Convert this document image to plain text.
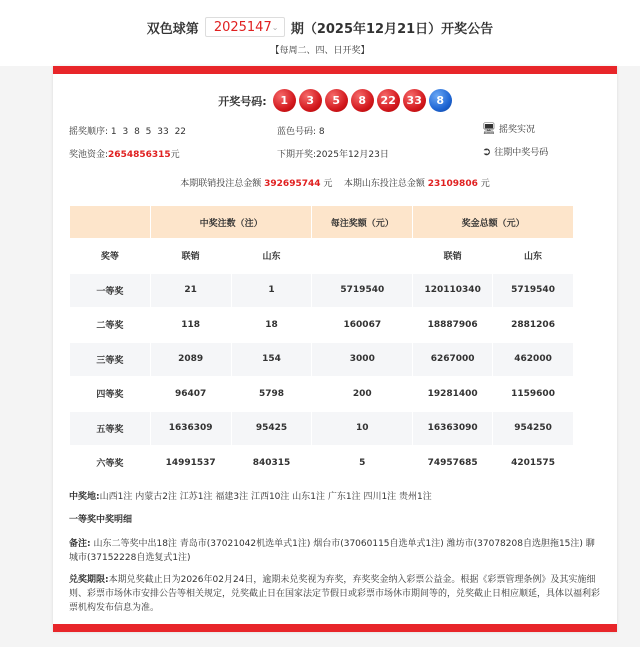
双色球第 2025147 ⌄ 期（2025年12月21日）开奖公告
【每周二、四、日开奖】
开奖号码:	1	3	5	8	22 33	8
摇奖顺序: 1 3 8 5 33 22	蓝色号码: 8	🖥 摇奖实况
奖池资金:2654856315元	下期开奖:2025年12月23日	➲ 往期中奖号码
本期联销投注总金额 392695744 元 本期山东投注总金额 23109806 元
	中奖注数（注）		每注奖额（元）	奖金总额（元）	
奖等	联销	山东		联销	山东
一等奖	21	1	5719540	120110340	5719540
二等奖	118	18	160067	18887906	2881206
三等奖	2089	154	3000	6267000	462000
四等奖	96407	5798	200	19281400	1159600
五等奖	1636309	95425	10	16363090	954250
六等奖	14991537	840315	5	74957685	4201575
中奖地:山西1注 内蒙古2注 江苏1注 福建3注 江西10注 山东1注 广东1注 四川1注 贵州1注
一等奖中奖明细
备注: 山东二等奖中出18注 青岛市(37021042机选单式1注) 烟台市(37060115自选单式1注) 潍坊市(37078208自选胆拖15注) 聊城市(37152228自选复式1注)
兑奖期限:本期兑奖截止日为2026年02月24日，逾期未兑奖视为弃奖，弃奖奖金纳入彩票公益金。根据《彩票管理条例》及其实施细则、彩票市场休市安排公告等相关规定，兑奖截止日在国家法定节假日或彩票市场休市期间等的，兑奖截止日相应顺延，具体以福利彩票机构发布信息为准。
